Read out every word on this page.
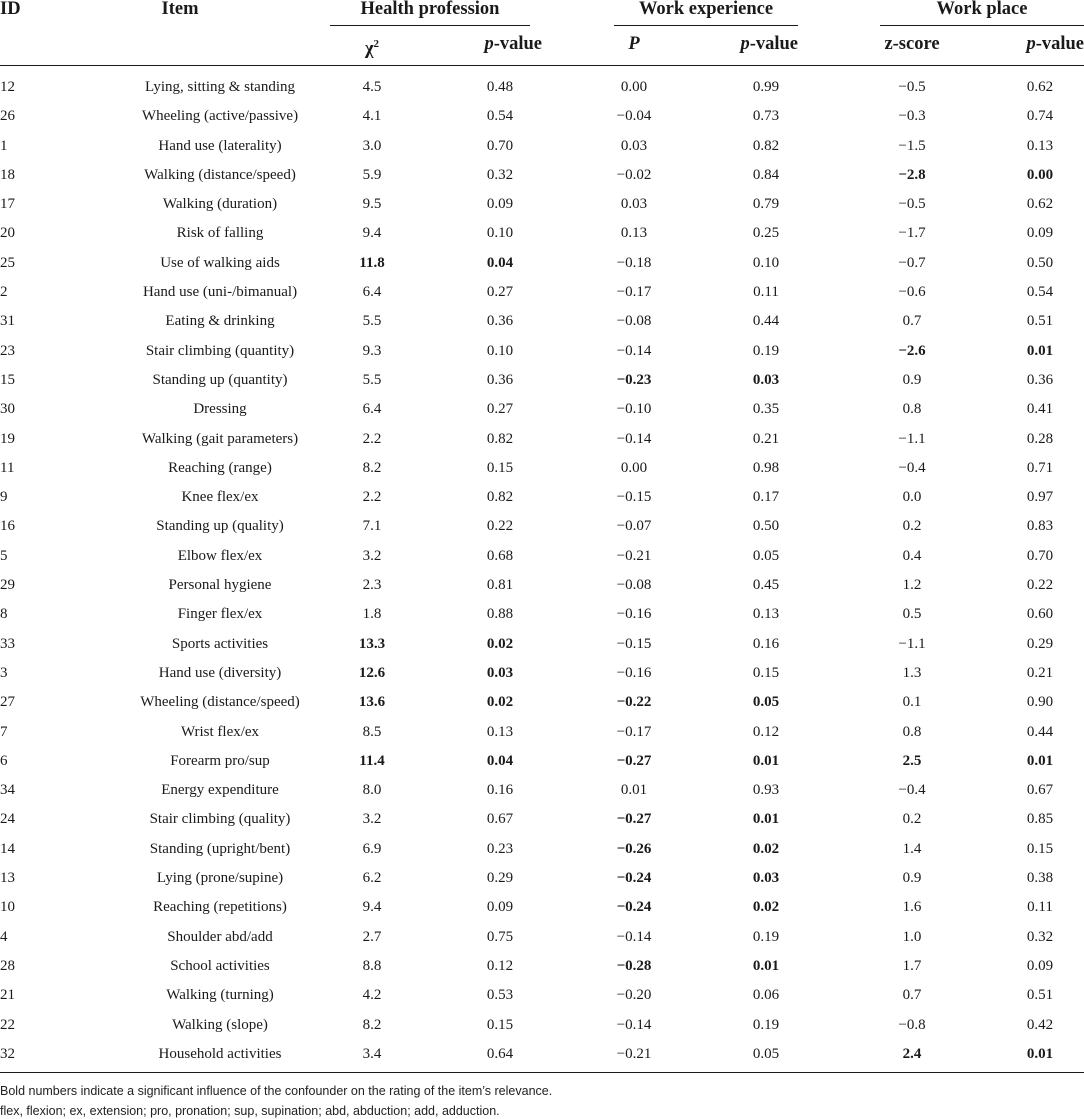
ID	Item	Health profession	Work experience	Work place
$\chi^2$	p-value	P	p-value	z-score	p-value
12	Lying, sitting & standing	4.5	0.48	0.00	0.99	−0.5	0.62
26	Wheeling (active/passive)	4.1	0.54	−0.04	0.73	−0.3	0.74
1	Hand use (laterality)	3.0	0.70	0.03	0.82	−1.5	0.13
18	Walking (distance/speed)	5.9	0.32	−0.02	0.84	−2.8	0.00
17	Walking (duration)	9.5	0.09	0.03	0.79	−0.5	0.62
20	Risk of falling	9.4	0.10	0.13	0.25	−1.7	0.09
25	Use of walking aids	11.8	0.04	−0.18	0.10	−0.7	0.50
2	Hand use (uni-/bimanual)	6.4	0.27	−0.17	0.11	−0.6	0.54
31	Eating & drinking	5.5	0.36	−0.08	0.44	0.7	0.51
23	Stair climbing (quantity)	9.3	0.10	−0.14	0.19	−2.6	0.01
15	Standing up (quantity)	5.5	0.36	−0.23	0.03	0.9	0.36
30	Dressing	6.4	0.27	−0.10	0.35	0.8	0.41
19	Walking (gait parameters)	2.2	0.82	−0.14	0.21	−1.1	0.28
11	Reaching (range)	8.2	0.15	0.00	0.98	−0.4	0.71
9	Knee flex/ex	2.2	0.82	−0.15	0.17	0.0	0.97
16	Standing up (quality)	7.1	0.22	−0.07	0.50	0.2	0.83
5	Elbow flex/ex	3.2	0.68	−0.21	0.05	0.4	0.70
29	Personal hygiene	2.3	0.81	−0.08	0.45	1.2	0.22
8	Finger flex/ex	1.8	0.88	−0.16	0.13	0.5	0.60
33	Sports activities	13.3	0.02	−0.15	0.16	−1.1	0.29
3	Hand use (diversity)	12.6	0.03	−0.16	0.15	1.3	0.21
27	Wheeling (distance/speed)	13.6	0.02	−0.22	0.05	0.1	0.90
7	Wrist flex/ex	8.5	0.13	−0.17	0.12	0.8	0.44
6	Forearm pro/sup	11.4	0.04	−0.27	0.01	2.5	0.01
34	Energy expenditure	8.0	0.16	0.01	0.93	−0.4	0.67
24	Stair climbing (quality)	3.2	0.67	−0.27	0.01	0.2	0.85
14	Standing (upright/bent)	6.9	0.23	−0.26	0.02	1.4	0.15
13	Lying (prone/supine)	6.2	0.29	−0.24	0.03	0.9	0.38
10	Reaching (repetitions)	9.4	0.09	−0.24	0.02	1.6	0.11
4	Shoulder abd/add	2.7	0.75	−0.14	0.19	1.0	0.32
28	School activities	8.8	0.12	−0.28	0.01	1.7	0.09
21	Walking (turning)	4.2	0.53	−0.20	0.06	0.7	0.51
22	Walking (slope)	8.2	0.15	−0.14	0.19	−0.8	0.42
32	Household activities	3.4	0.64	−0.21	0.05	2.4	0.01
Bold numbers indicate a significant influence of the confounder on the rating of the item’s relevance.
flex, flexion; ex, extension; pro, pronation; sup, supination; abd, abduction; add, adduction.
